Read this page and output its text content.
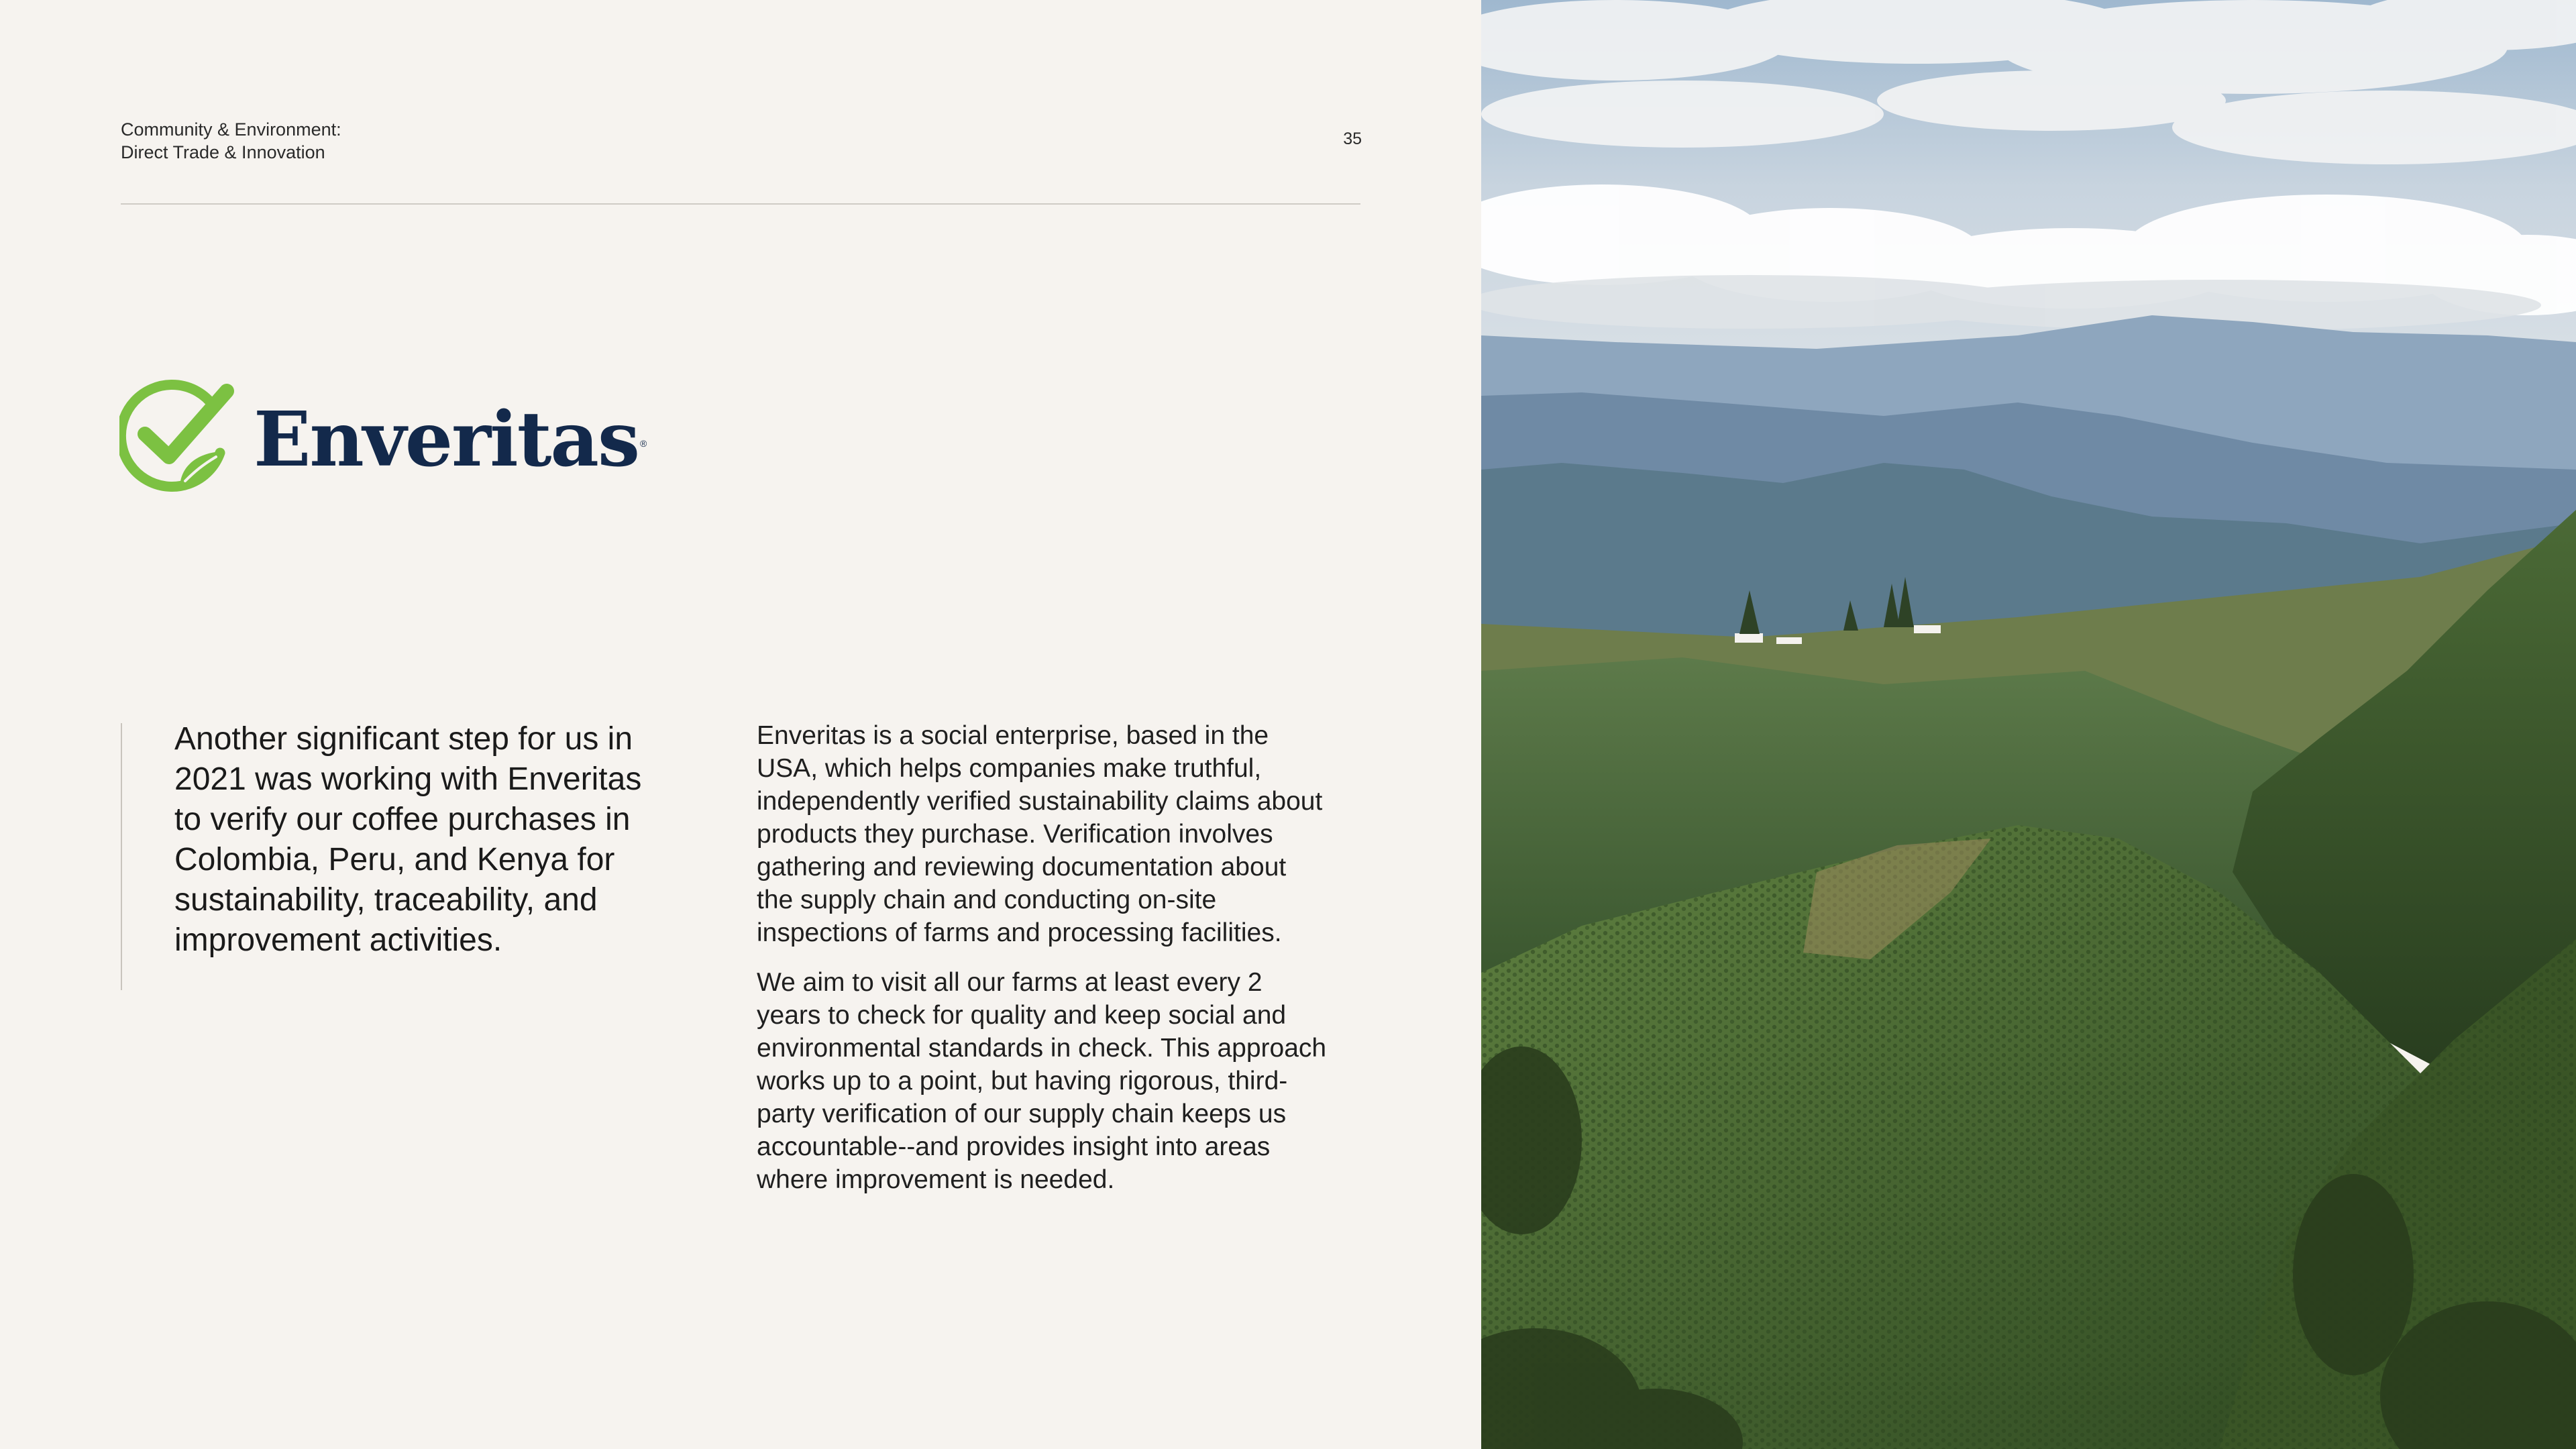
Community & Environment:
Direct Trade & Innovation
35
Enveritas ®

Another significant step for us in 2021 was working with Enveritas to verify our coffee purchases in Colombia, Peru, and Kenya for sustainability, traceability, and improvement activities.

Enveritas is a social enterprise, based in the USA, which helps companies make truthful, independently verified sustainability claims about products they purchase. Verification involves gathering and reviewing documentation about the supply chain and conducting on-site inspections of farms and processing facilities.

We aim to visit all our farms at least every 2 years to check for quality and keep social and environmental standards in check. This approach works up to a point, but having rigorous, third-party verification of our supply chain keeps us accountable--and provides insight into areas where improvement is needed.
